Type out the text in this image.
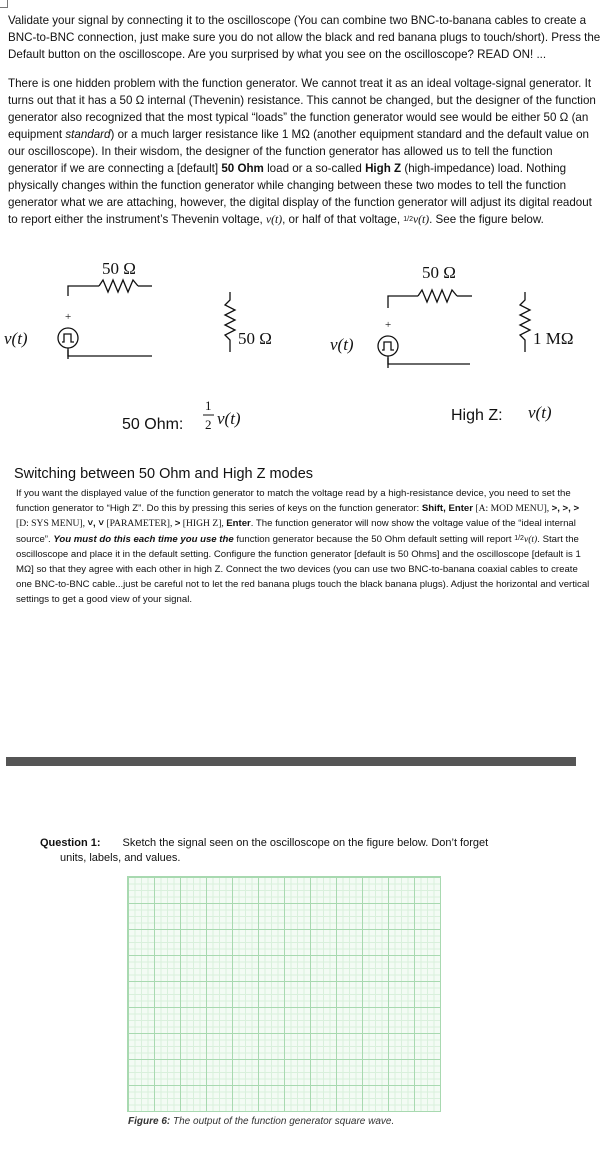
Validate your signal by connecting it to the oscilloscope (You can combine two BNC-to-banana cables to create a BNC-to-BNC connection, just make sure you do not allow the black and red banana plugs to touch/short). Press the Default button on the oscilloscope. Are you surprised by what you see on the oscilloscope? READ ON! ...

There is one hidden problem with the function generator. We cannot treat it as an ideal voltage-signal generator. It turns out that it has a 50 Ω internal (Thevenin) resistance. This cannot be changed, but the designer of the function generator also recognized that the most typical “loads” the function generator would see would be either 50 Ω (an equipment standard) or a much larger resistance like 1 MΩ (another equipment standard and the default value on our oscilloscope). In their wisdom, the designer of the function generator has allowed us to tell the function generator if we are connecting a [default] 50 Ohm load or a so-called High Z (high-impedance) load. Nothing physically changes within the function generator while changing between these two modes to tell the function generator what we are attaching, however, the digital display of the function generator will adjust its digital readout to report either the instrument’s Thevenin voltage, v(t), or half of that voltage, 1/2v(t). See the figure below.

v(t)
+
50 Ω
50 Ω	v(t)
+
50 Ω
1 MΩ
50 Ohm:
1
2 v(t)	High Z: v(t)
Switching between 50 Ohm and High Z modes

If you want the displayed value of the function generator to match the voltage read by a high-resistance device, you need to set the function generator to “High Z”. Do this by pressing this series of keys on the function generator: Shift, Enter [A: MOD MENU], >, >, > [D: SYS MENU], ˅, ˅ [PARAMETER], > [HIGH Z], Enter. The function generator will now show the voltage value of the “ideal internal source”. You must do this each time you use the function generator because the 50 Ohm default setting will report $^{1/2}$v(t). Start the oscilloscope and place it in the default setting. Configure the function generator [default is 50 Ohms] and the oscilloscope [default is 1 MΩ] so that they agree with each other in high Z. Connect the two devices (you can use two BNC-to-banana coaxial cables to create one BNC-to-BNC cable...just be careful not to let the red banana plugs touch the black banana plugs). Adjust the horizontal and vertical settings to get a good view of your signal.

Question 1: Sketch the signal seen on the oscilloscope on the figure below. Don’t forget
units, labels, and values.

Figure 6: The output of the function generator square wave.
